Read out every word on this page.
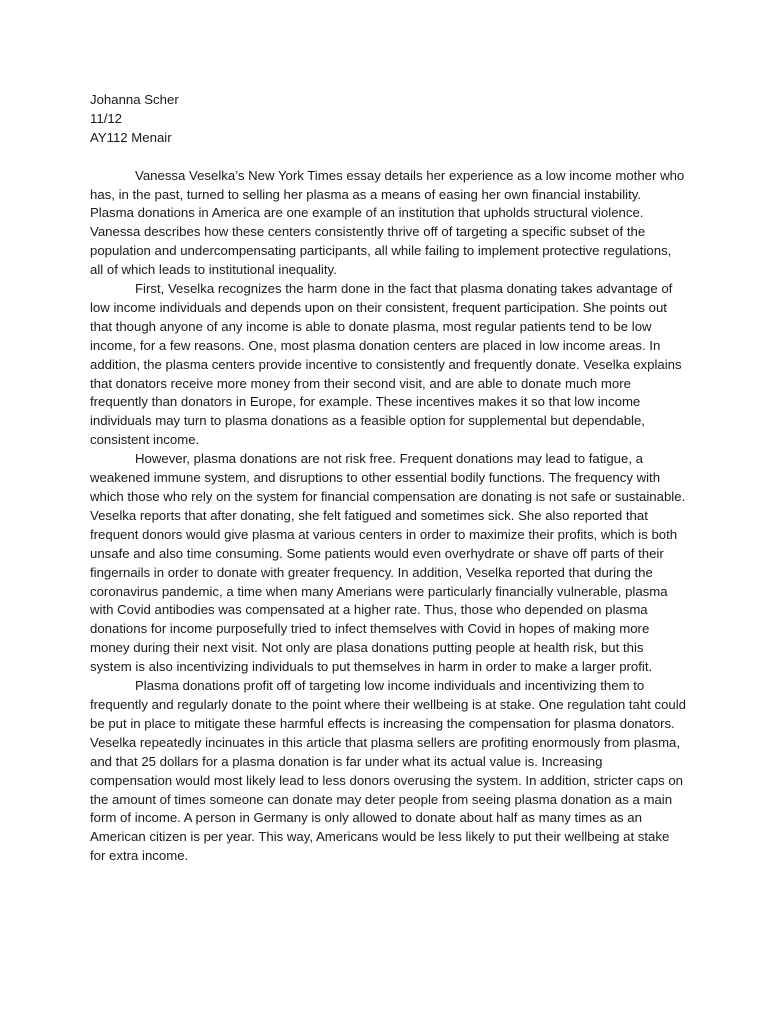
Johanna Scher

11/12

AY112 Menair

Vanessa Veselka’s New York Times essay details her experience as a low income mother who has, in the past, turned to selling her plasma as a means of easing her own financial instability. Plasma donations in America are one example of an institution that upholds structural violence. Vanessa describes how these centers consistently thrive off of targeting a specific subset of the population and undercompensating participants, all while failing to implement protective regulations, all of which leads to institutional inequality.

First, Veselka recognizes the harm done in the fact that plasma donating takes advantage of low income individuals and depends upon on their consistent, frequent participation. She points out that though anyone of any income is able to donate plasma, most regular patients tend to be low income, for a few reasons. One, most plasma donation centers are placed in low income areas. In addition, the plasma centers provide incentive to consistently and frequently donate. Veselka explains that donators receive more money from their second visit, and are able to donate much more frequently than donators in Europe, for example. These incentives makes it so that low income individuals may turn to plasma donations as a feasible option for supplemental but dependable, consistent income.

However, plasma donations are not risk free. Frequent donations may lead to fatigue, a weakened immune system, and disruptions to other essential bodily functions. The frequency with which those who rely on the system for financial compensation are donating is not safe or sustainable. Veselka reports that after donating, she felt fatigued and sometimes sick. She also reported that frequent donors would give plasma at various centers in order to maximize their profits, which is both unsafe and also time consuming. Some patients would even overhydrate or shave off parts of their fingernails in order to donate with greater frequency. In addition, Veselka reported that during the coronavirus pandemic, a time when many Amerians were particularly financially vulnerable, plasma with Covid antibodies was compensated at a higher rate. Thus, those who depended on plasma donations for income purposefully tried to infect themselves with Covid in hopes of making more money during their next visit. Not only are plasa donations putting people at health risk, but this system is also incentivizing individuals to put themselves in harm in order to make a larger profit.

Plasma donations profit off of targeting low income individuals and incentivizing them to frequently and regularly donate to the point where their wellbeing is at stake. One regulation taht could be put in place to mitigate these harmful effects is increasing the compensation for plasma donators. Veselka repeatedly incinuates in this article that plasma sellers are profiting enormously from plasma, and that 25 dollars for a plasma donation is far under what its actual value is. Increasing compensation would most likely lead to less donors overusing the system. In addition, stricter caps on the amount of times someone can donate may deter people from seeing plasma donation as a main form of income. A person in Germany is only allowed to donate about half as many times as an American citizen is per year. This way, Americans would be less likely to put their wellbeing at stake for extra income.
